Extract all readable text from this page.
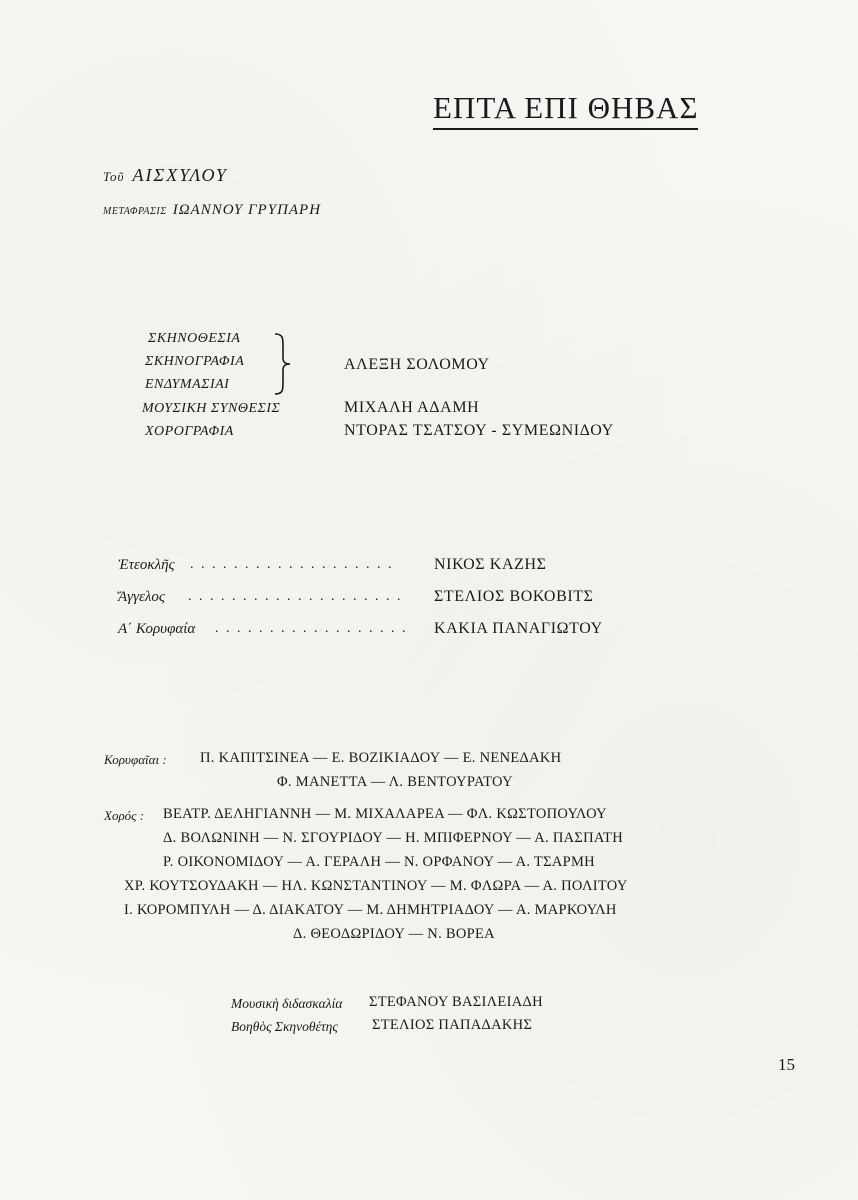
ΕΠΤΑ ΕΠΙ ΘΗΒΑΣ
Τοῦ ΑΙΣΧΥΛΟΥ
ΜΕΤΑΦΡΑΣΙΣ ΙΩΑΝΝΟΥ ΓΡΥΠΑΡΗ
ΣΚΗΝΟΘΕΣΙΑ
ΣΚΗΝΟΓΡΑΦΙΑ
ΕΝΔΥΜΑΣΙΑΙ
ΜΟΥΣΙΚΗ ΣΥΝΘΕΣΙΣ
ΧΟΡΟΓΡΑΦΙΑ
ΑΛΕΞΗ ΣΟΛΟΜΟΥ
ΜΙΧΑΛΗ ΑΔΑΜΗ
ΝΤΟΡΑΣ ΤΣΑΤΣΟΥ - ΣΥΜΕΩΝΙΔΟΥ
Ἐτεοκλῆς . . . . . . . . . . . . . . . . . . .	ΝΙΚΟΣ ΚΑΖΗΣ
Ἄγγελος . . . . . . . . . . . . . . . . . . . . ΣΤΕΛΙΟΣ ΒΟΚΟΒΙΤΣ
Α΄ Κορυφαία . . . . . . . . . . . . . . . . . . ΚΑΚΙΑ ΠΑΝΑΓΙΩΤΟΥ
Κορυφαῖαι : Π. ΚΑΠΙΤΣΙΝΕΑ — Ε. ΒΟΖΙΚΙΑΔΟΥ — Ε. ΝΕΝΕΔΑΚΗ
Φ. ΜΑΝΕΤΤΑ — Λ. ΒΕΝΤΟΥΡΑΤΟΥ
Χορός : ΒΕΑΤΡ. ΔΕΛΗΓΙΑΝΝΗ — Μ. ΜΙΧΑΛΑΡΕΑ — ΦΛ. ΚΩΣΤΟΠΟΥΛΟΥ
Δ. ΒΟΛΩΝΙΝΗ — Ν. ΣΓΟΥΡΙΔΟΥ — Η. ΜΠΙΦΕΡΝΟΥ — Α. ΠΑΣΠΑΤΗ
Ρ. ΟΙΚΟΝΟΜΙΔΟΥ — Α. ΓΕΡΑΛΗ — Ν. ΟΡΦΑΝΟΥ — Α. ΤΣΑΡΜΗ
ΧΡ. ΚΟΥΤΣΟΥΔΑΚΗ — ΗΛ. ΚΩΝΣΤΑΝΤΙΝΟΥ — Μ. ΦΛΩΡΑ — Α. ΠΟΛΙΤΟΥ
Ι. ΚΟΡΟΜΠΥΛΗ — Δ. ΔΙΑΚΑΤΟΥ — Μ. ΔΗΜΗΤΡΙΑΔΟΥ — Α. ΜΑΡΚΟΥΛΗ
Δ. ΘΕΟΔΩΡΙΔΟΥ — Ν. ΒΟΡΕΑ
Μουσικὴ διδασκαλία ΣΤΕΦΑΝΟΥ ΒΑΣΙΛΕΙΑΔΗ
Βοηθὸς Σκηνοθέτης ΣΤΕΛΙΟΣ ΠΑΠΑΔΑΚΗΣ
15
